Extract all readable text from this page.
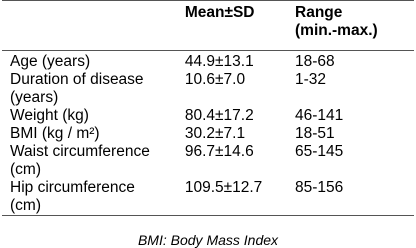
	Mean±SD	Range
(min.-max.)
Age (years)	44.9±13.1	18-68
Duration of disease
(years)	10.6±7.0	1-32
Weight (kg)	80.4±17.2	46-141
BMI (kg / m²)	30.2±7.1	18-51
Waist circumference
(cm)	96.7±14.6	65-145
Hip circumference
(cm)	109.5±12.7	85-156
BMI: Body Mass Index
